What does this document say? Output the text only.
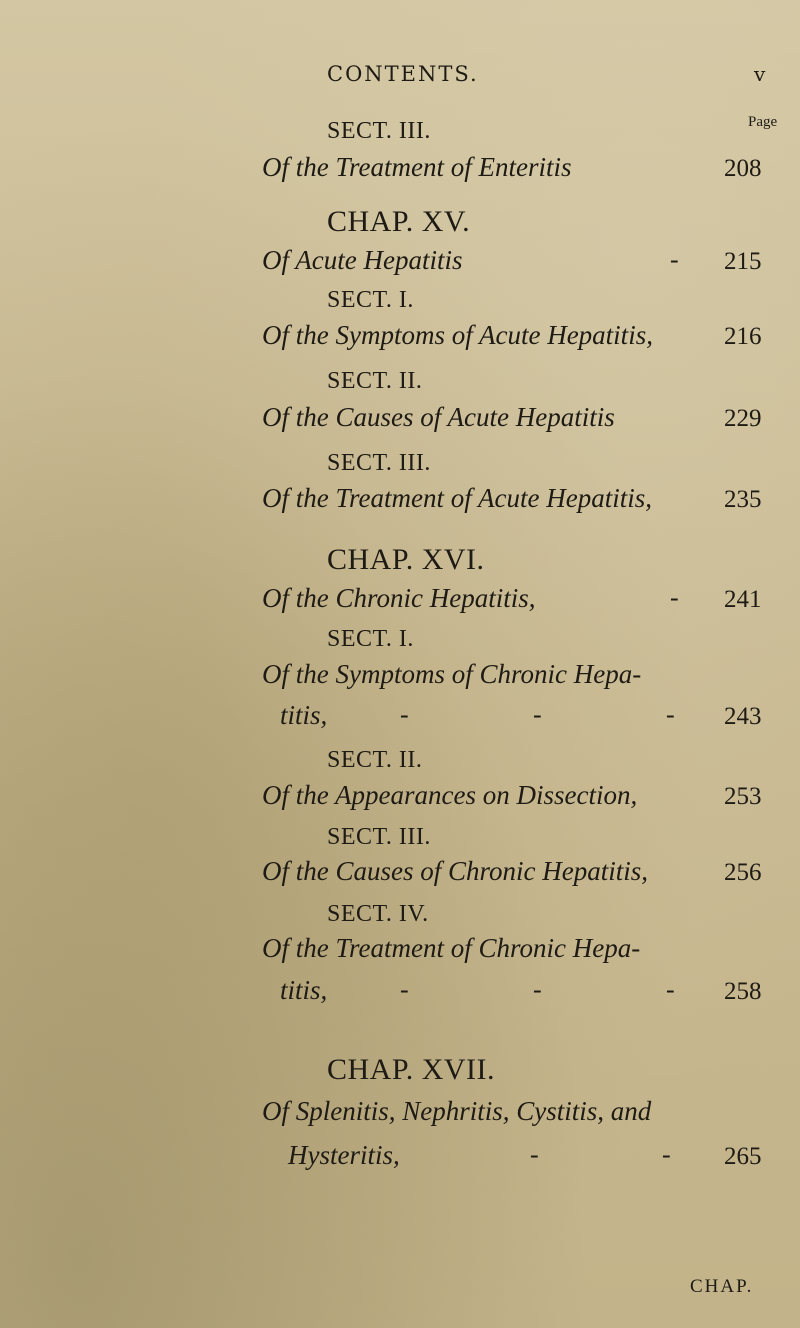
CONTENTS.	v
Page
SECT. III.
Of the Treatment of Enteritis	208
CHAP. XV.
Of Acute Hepatitis	- 215
SECT. I.
Of the Symptoms of Acute Hepatitis,	216
SECT. II.
Of the Causes of Acute Hepatitis	229
SECT. III.
Of the Treatment of Acute Hepatitis,	235
CHAP. XVI.
Of the Chronic Hepatitis,	- 241
SECT. I.
Of the Symptoms of Chronic Hepa-
titis,	-	-	- 243
SECT. II.
Of the Appearances on Dissection,	253
SECT. III.
Of the Causes of Chronic Hepatitis,	256
SECT. IV.
Of the Treatment of Chronic Hepa-
titis,	-	-	- 258
CHAP. XVII.
Of Splenitis, Nephritis, Cystitis, and
Hysteritis,	-	- 265
CHAP.
